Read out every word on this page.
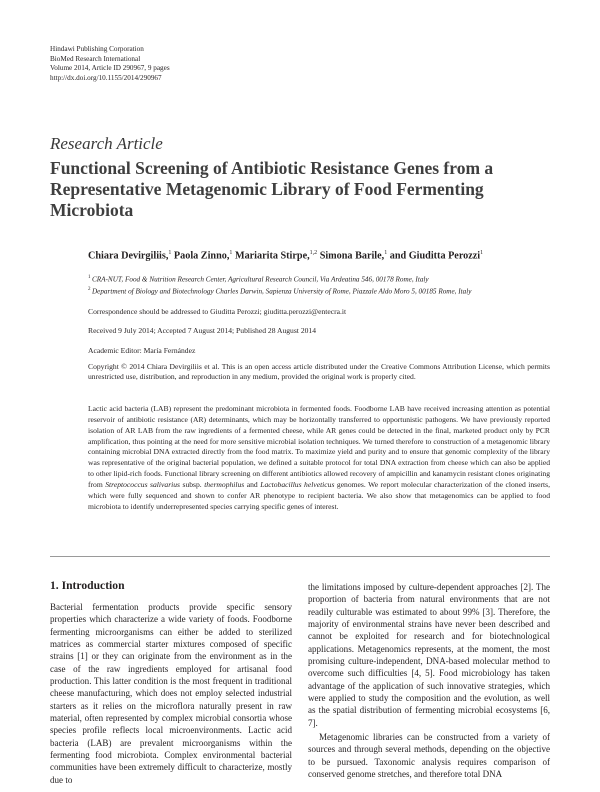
Hindawi Publishing Corporation
BioMed Research International
Volume 2014, Article ID 290967, 9 pages
http://dx.doi.org/10.1155/2014/290967
Research Article
Functional Screening of Antibiotic Resistance Genes from a Representative Metagenomic Library of Food Fermenting Microbiota
Chiara Devirgiliis,$^1$ Paola Zinno,$^1$ Mariarita Stirpe,$^{1,2}$ Simona Barile,$^1$ and Giuditta Perozzi$^1$
$^1$ CRA-NUT, Food & Nutrition Research Center, Agricultural Research Council, Via Ardeatina 546, 00178 Rome, Italy
$^2$ Department of Biology and Biotechnology Charles Darwin, Sapienza University of Rome, Piazzale Aldo Moro 5, 00185 Rome, Italy
Correspondence should be addressed to Giuditta Perozzi; giuditta.perozzi@entecra.it
Received 9 July 2014; Accepted 7 August 2014; Published 28 August 2014
Academic Editor: María Fernández
Copyright © 2014 Chiara Devirgiliis et al. This is an open access article distributed under the Creative Commons Attribution License, which permits unrestricted use, distribution, and reproduction in any medium, provided the original work is properly cited.
Lactic acid bacteria (LAB) represent the predominant microbiota in fermented foods. Foodborne LAB have received increasing attention as potential reservoir of antibiotic resistance (AR) determinants, which may be horizontally transferred to opportunistic pathogens. We have previously reported isolation of AR LAB from the raw ingredients of a fermented cheese, while AR genes could be detected in the final, marketed product only by PCR amplification, thus pointing at the need for more sensitive microbial isolation techniques. We turned therefore to construction of a metagenomic library containing microbial DNA extracted directly from the food matrix. To maximize yield and purity and to ensure that genomic complexity of the library was representative of the original bacterial population, we defined a suitable protocol for total DNA extraction from cheese which can also be applied to other lipid-rich foods. Functional library screening on different antibiotics allowed recovery of ampicillin and kanamycin resistant clones originating from Streptococcus salivarius subsp. thermophilus and Lactobacillus helveticus genomes. We report molecular characterization of the cloned inserts, which were fully sequenced and shown to confer AR phenotype to recipient bacteria. We also show that metagenomics can be applied to food microbiota to identify underrepresented species carrying specific genes of interest.
1. Introduction

Bacterial fermentation products provide specific sensory properties which characterize a wide variety of foods. Foodborne fermenting microorganisms can either be added to sterilized matrices as commercial starter mixtures composed of specific strains [1] or they can originate from the environment as in the case of the raw ingredients employed for artisanal food production. This latter condition is the most frequent in traditional cheese manufacturing, which does not employ selected industrial starters as it relies on the microflora naturally present in raw material, often represented by complex microbial consortia whose species profile reflects local microenvironments. Lactic acid bacteria (LAB) are prevalent microorganisms within the fermenting food microbiota. Complex environmental bacterial communities have been extremely difficult to characterize, mostly due to

the limitations imposed by culture-dependent approaches [2]. The proportion of bacteria from natural environments that are not readily culturable was estimated to about 99% [3]. Therefore, the majority of environmental strains have never been described and cannot be exploited for research and for biotechnological applications. Metagenomics represents, at the moment, the most promising culture-independent, DNA-based molecular method to overcome such difficulties [4, 5]. Food microbiology has taken advantage of the application of such innovative strategies, which were applied to study the composition and the evolution, as well as the spatial distribution of fermenting microbial ecosystems [6, 7].

Metagenomic libraries can be constructed from a variety of sources and through several methods, depending on the objective to be pursued. Taxonomic analysis requires comparison of conserved genome stretches, and therefore total DNA
